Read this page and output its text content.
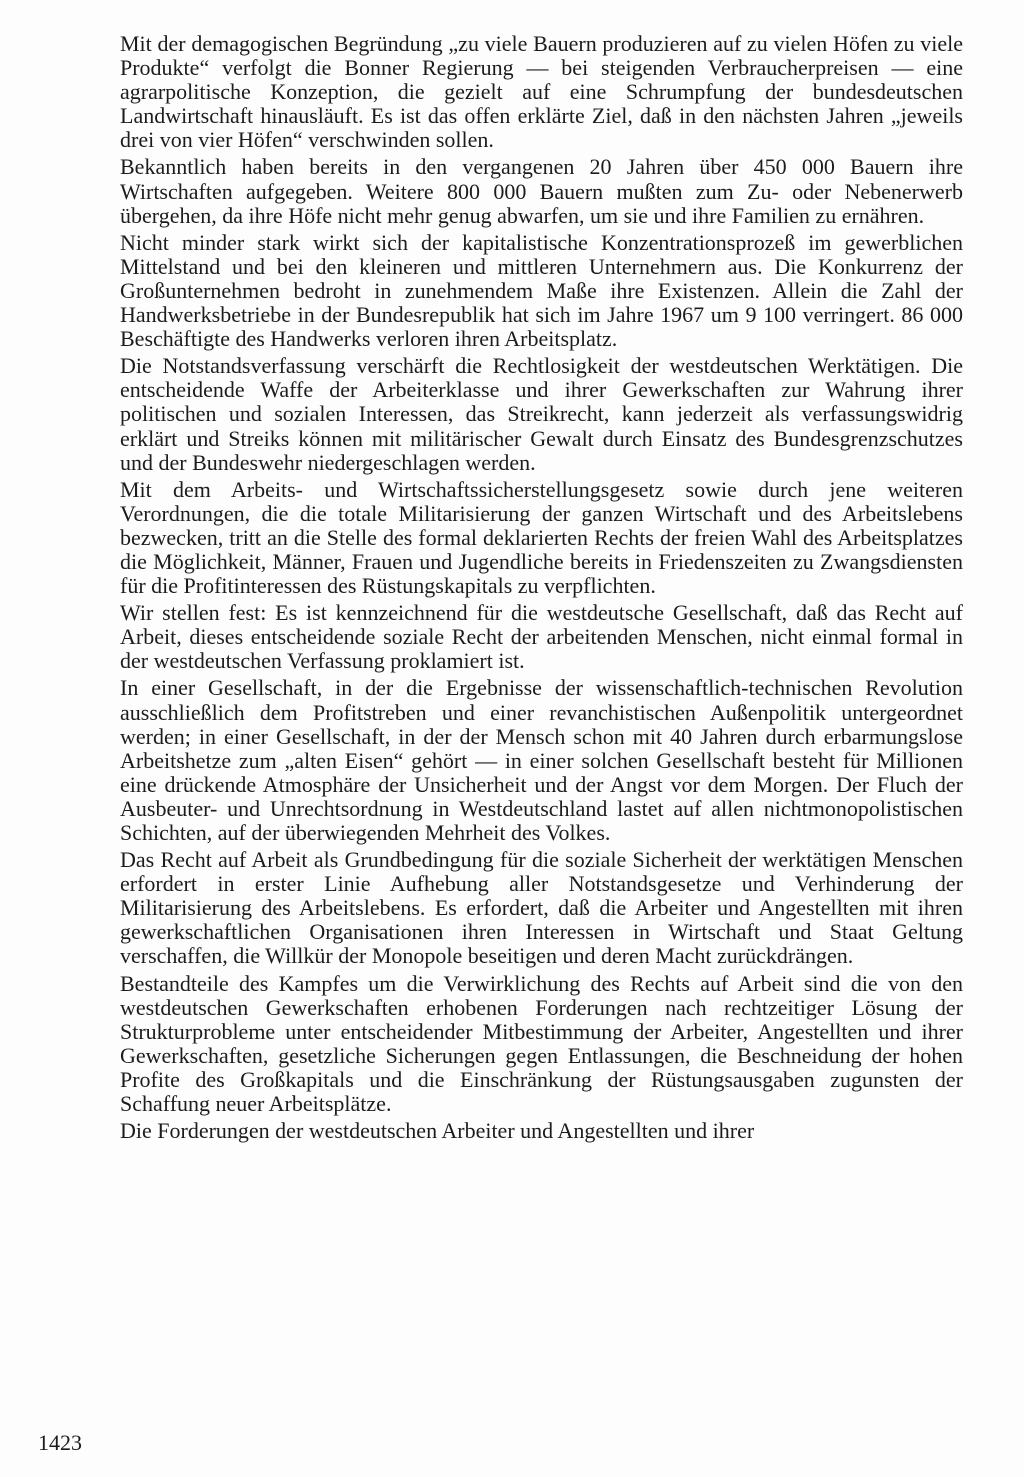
Mit der demagogischen Begründung „zu viele Bauern produzieren auf zu vielen Höfen zu viele Produkte“ verfolgt die Bonner Regierung — bei steigenden Verbraucherpreisen — eine agrarpolitische Konzeption, die gezielt auf eine Schrumpfung der bundesdeutschen Landwirtschaft hinausläuft. Es ist das offen erklärte Ziel, daß in den nächsten Jahren „jeweils drei von vier Höfen“ verschwinden sollen.

Bekanntlich haben bereits in den vergangenen 20 Jahren über 450 000 Bauern ihre Wirtschaften aufgegeben. Weitere 800 000 Bauern mußten zum Zu- oder Nebenerwerb übergehen, da ihre Höfe nicht mehr genug abwarfen, um sie und ihre Familien zu ernähren.

Nicht minder stark wirkt sich der kapitalistische Konzentrationsprozeß im gewerblichen Mittelstand und bei den kleineren und mittleren Unternehmern aus. Die Konkurrenz der Großunternehmen bedroht in zunehmendem Maße ihre Existenzen. Allein die Zahl der Handwerksbetriebe in der Bundesrepublik hat sich im Jahre 1967 um 9 100 verringert. 86 000 Beschäftigte des Handwerks verloren ihren Arbeitsplatz.

Die Notstandsverfassung verschärft die Rechtlosigkeit der westdeutschen Werktätigen. Die entscheidende Waffe der Arbeiterklasse und ihrer Gewerkschaften zur Wahrung ihrer politischen und sozialen Interessen, das Streikrecht, kann jederzeit als verfassungswidrig erklärt und Streiks können mit militärischer Gewalt durch Einsatz des Bundesgrenzschutzes und der Bundeswehr niedergeschlagen werden.

Mit dem Arbeits- und Wirtschaftssicherstellungsgesetz sowie durch jene weiteren Verordnungen, die die totale Militarisierung der ganzen Wirtschaft und des Arbeitslebens bezwecken, tritt an die Stelle des formal deklarierten Rechts der freien Wahl des Arbeitsplatzes die Möglichkeit, Männer, Frauen und Jugendliche bereits in Friedenszeiten zu Zwangsdiensten für die Profitinteressen des Rüstungskapitals zu verpflichten.

Wir stellen fest: Es ist kennzeichnend für die westdeutsche Gesellschaft, daß das Recht auf Arbeit, dieses entscheidende soziale Recht der arbeitenden Menschen, nicht einmal formal in der westdeutschen Verfassung proklamiert ist.

In einer Gesellschaft, in der die Ergebnisse der wissenschaftlich-technischen Revolution ausschließlich dem Profitstreben und einer revanchistischen Außenpolitik untergeordnet werden; in einer Gesellschaft, in der der Mensch schon mit 40 Jahren durch erbarmungslose Arbeitshetze zum „alten Eisen“ gehört — in einer solchen Gesellschaft besteht für Millionen eine drückende Atmosphäre der Unsicherheit und der Angst vor dem Morgen. Der Fluch der Ausbeuter- und Unrechtsordnung in Westdeutschland lastet auf allen nichtmonopolistischen Schichten, auf der überwiegenden Mehrheit des Volkes.

Das Recht auf Arbeit als Grundbedingung für die soziale Sicherheit der werktätigen Menschen erfordert in erster Linie Aufhebung aller Notstandsgesetze und Verhinderung der Militarisierung des Arbeitslebens. Es erfordert, daß die Arbeiter und Angestellten mit ihren gewerkschaftlichen Organisationen ihren Interessen in Wirtschaft und Staat Geltung verschaffen, die Willkür der Monopole beseitigen und deren Macht zurückdrängen.

Bestandteile des Kampfes um die Verwirklichung des Rechts auf Arbeit sind die von den westdeutschen Gewerkschaften erhobenen Forderungen nach rechtzeitiger Lösung der Strukturprobleme unter entscheidender Mitbestimmung der Arbeiter, Angestellten und ihrer Gewerkschaften, gesetzliche Sicherungen gegen Entlassungen, die Beschneidung der hohen Profite des Großkapitals und die Einschränkung der Rüstungsausgaben zugunsten der Schaffung neuer Arbeitsplätze.

Die Forderungen der westdeutschen Arbeiter und Angestellten und ihrer

1423
